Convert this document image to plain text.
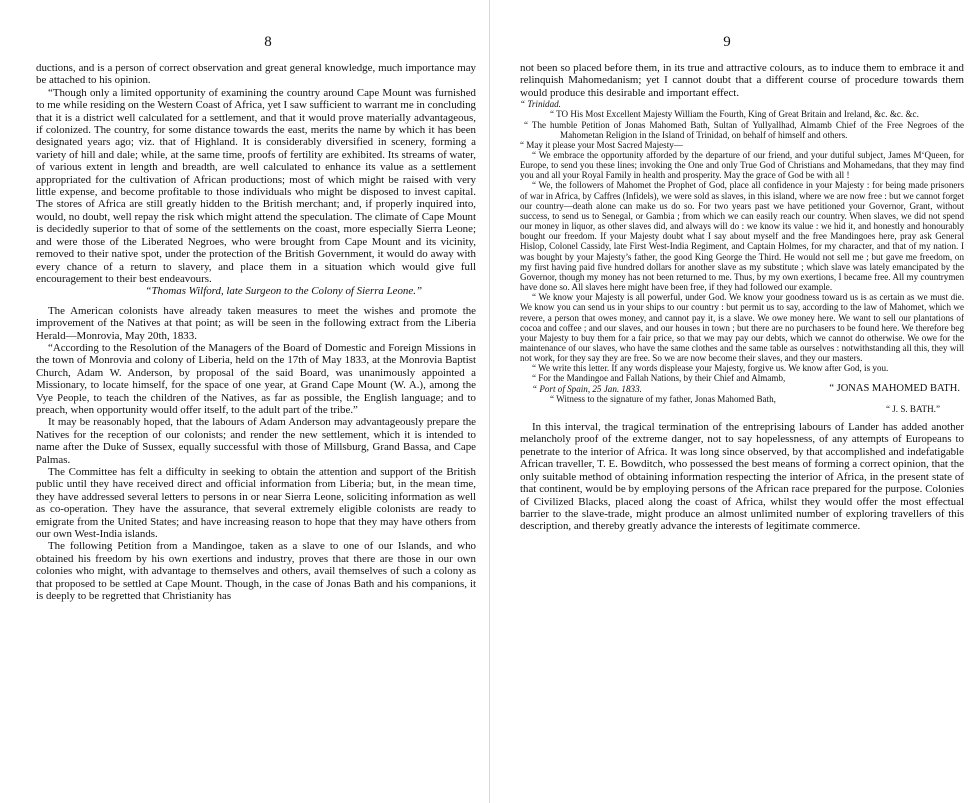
8

ductions, and is a person of correct observation and great general knowledge, much importance may be attached to his opinion.

“Though only a limited opportunity of examining the country around Cape Mount was furnished to me while residing on the Western Coast of Africa, yet I saw sufficient to warrant me in concluding that it is a district well calculated for a settlement, and that it would prove materially advantageous, if colonized. The country, for some distance towards the east, merits the name by which it has been designated years ago; viz. that of Highland. It is considerably diversified in scenery, forming a variety of hill and dale; while, at the same time, proofs of fertility are exhibited. Its streams of water, of various extent in length and breadth, are well calculated to enhance its value as a settlement appropriated for the cultivation of African productions; most of which might be raised with very little expense, and become profitable to those individuals who might be disposed to invest capital. The stores of Africa are still greatly hidden to the British merchant; and, if properly inquired into, would, no doubt, well repay the risk which might attend the speculation. The climate of Cape Mount is decidedly superior to that of some of the settlements on the coast, more especially Sierra Leone; and were those of the Liberated Negroes, who were brought from Cape Mount and its vicinity, removed to their native spot, under the protection of the British Government, it would do away with every chance of a return to slavery, and place them in a situation which would give full encouragement to their best endeavours.

“Thomas Wilford, late Surgeon to the Colony of Sierra Leone.”

The American colonists have already taken measures to meet the wishes and promote the improvement of the Natives at that point; as will be seen in the following extract from the Liberia Herald—Monrovia, May 20th, 1833.

“According to the Resolution of the Managers of the Board of Domestic and Foreign Missions in the town of Monrovia and colony of Liberia, held on the 17th of May 1833, at the Monrovia Baptist Church, Adam W. Anderson, by proposal of the said Board, was unanimously appointed a Missionary, to locate himself, for the space of one year, at Grand Cape Mount (W. A.), among the Vye People, to teach the children of the Natives, as far as possible, the English language; and to preach, when opportunity would offer itself, to the adult part of the tribe.”

It may be reasonably hoped, that the labours of Adam Anderson may advantageously prepare the Natives for the reception of our colonists; and render the new settlement, which it is intended to name after the Duke of Sussex, equally successful with those of Millsburg, Grand Bassa, and Cape Palmas.

The Committee has felt a difficulty in seeking to obtain the attention and support of the British public until they have received direct and official information from Liberia; but, in the mean time, they have addressed several letters to persons in or near Sierra Leone, soliciting information as well as co-operation. They have the assurance, that several extremely eligible colonists are ready to emigrate from the United States; and have increasing reason to hope that they may have others from our own West-India islands.

The following Petition from a Mandingoe, taken as a slave to one of our Islands, and who obtained his freedom by his own exertions and industry, proves that there are those in our own colonies who might, with advantage to themselves and others, avail themselves of such a colony as that proposed to be settled at Cape Mount. Though, in the case of Jonas Bath and his companions, it is deeply to be regretted that Christianity has

9

not been so placed before them, in its true and attractive colours, as to induce them to embrace it and relinquish Mahomedanism; yet I cannot doubt that a different course of procedure towards them would produce this desirable and important effect.

“ Trinidad.

“ TO His Most Excellent Majesty William the Fourth, King of Great Britain and Ireland, &c. &c. &c.

“ The humble Petition of Jonas Mahomed Bath, Sultan of Yullyallhad, Almamb Chief of the Free Negroes of the Mahometan Religion in the Island of Trinidad, on behalf of himself and others.

“ May it please your Most Sacred Majesty—

“ We embrace the opportunity afforded by the departure of our friend, and your dutiful subject, James M‘Queen, for Europe, to send you these lines; invoking the One and only True God of Christians and Mohamedans, that they may find you and all your Royal Family in health and prosperity. May the grace of God be with all !

“ We, the followers of Mahomet the Prophet of God, place all confidence in your Majesty : for being made prisoners of war in Africa, by Caffres (Infidels), we were sold as slaves, in this island, where we are now free : but we cannot forget our country—death alone can make us do so. For two years past we have petitioned your Governor, Grant, without success, to send us to Senegal, or Gambia ; from which we can easily reach our country. When slaves, we did not spend our money in liquor, as other slaves did, and always will do : we know its value : we hid it, and honestly and honourably bought our freedom. If your Majesty doubt what I say about myself and the free Mandingoes here, pray ask General Hislop, Colonel Cassidy, late First West-India Regiment, and Captain Holmes, for my character, and that of my nation. I was bought by your Majesty’s father, the good King George the Third. He would not sell me ; but gave me freedom, on my first having paid five hundred dollars for another slave as my substitute ; which slave was lately emancipated by the Governor, though my money has not been returned to me. Thus, by my own exertions, I became free. All my countrymen have done so. All slaves here might have been free, if they had followed our example.

“ We know your Majesty is all powerful, under God. We know your goodness toward us is as certain as we must die. We know you can send us in your ships to our country : but permit us to say, according to the law of Mahomet, which we revere, a person that owes money, and cannot pay it, is a slave. We owe money here. We want to sell our plantations of cocoa and coffee ; and our slaves, and our houses in town ; but there are no purchasers to be found here. We therefore beg your Majesty to buy them for a fair price, so that we may pay our debts, which we cannot do otherwise. We owe for the maintenance of our slaves, who have the same clothes and the same table as ourselves : notwithstanding all this, they will not work, for they say they are free. So we are now become their slaves, and they our masters.

“ We write this letter. If any words displease your Majesty, forgive us. We know after God, is you.

“ For the Mandingoe and Fallah Nations, by their Chief and Almamb,

“ Port of Spain, 25 Jan. 1833.	“ JONAS MAHOMED BATH.

“ Witness to the signature of my father, Jonas Mahomed Bath,

“ J. S. BATH.”

In this interval, the tragical termination of the entreprising labours of Lander has added another melancholy proof of the extreme danger, not to say hopelessness, of any attempts of Europeans to penetrate to the interior of Africa. It was long since observed, by that accomplished and indefatigable African traveller, T. E. Bowditch, who possessed the best means of forming a correct opinion, that the only suitable method of obtaining information respecting the interior of Africa, in the present state of that continent, would be by employing persons of the African race prepared for the purpose. Colonies of Civilized Blacks, placed along the coast of Africa, whilst they would offer the most effectual barrier to the slave-trade, might produce an almost unlimited number of exploring travellers of this description, and thereby greatly advance the interests of legitimate commerce.
